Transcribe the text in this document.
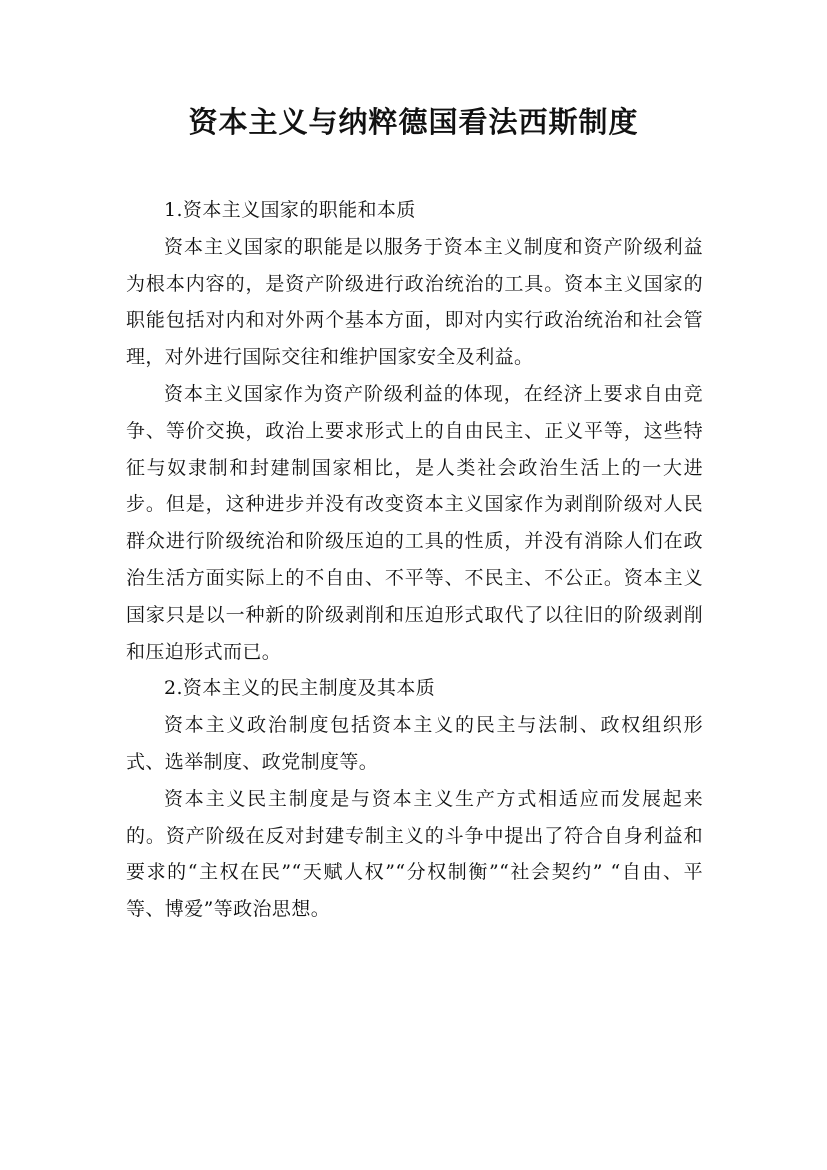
资本主义与纳粹德国看法西斯制度

1.资本主义国家的职能和本质

资本主义国家的职能是以服务于资本主义制度和资产阶级利益为根本内容的，是资产阶级进行政治统治的工具。资本主义国家的职能包括对内和对外两个基本方面，即对内实行政治统治和社会管理，对外进行国际交往和维护国家安全及利益。

资本主义国家作为资产阶级利益的体现，在经济上要求自由竞争、等价交换，政治上要求形式上的自由民主、正义平等，这些特征与奴隶制和封建制国家相比，是人类社会政治生活上的一大进步。但是，这种进步并没有改变资本主义国家作为剥削阶级对人民群众进行阶级统治和阶级压迫的工具的性质，并没有消除人们在政治生活方面实际上的不自由、不平等、不民主、不公正。资本主义国家只是以一种新的阶级剥削和压迫形式取代了以往旧的阶级剥削和压迫形式而已。

2.资本主义的民主制度及其本质

资本主义政治制度包括资本主义的民主与法制、政权组织形式、选举制度、政党制度等。

资本主义民主制度是与资本主义生产方式相适应而发展起来的。资产阶级在反对封建专制主义的斗争中提出了符合自身利益和要求的“主权在民”“天赋人权”“分权制衡”“社会契约” “自由、平等、博爱”等政治思想。
